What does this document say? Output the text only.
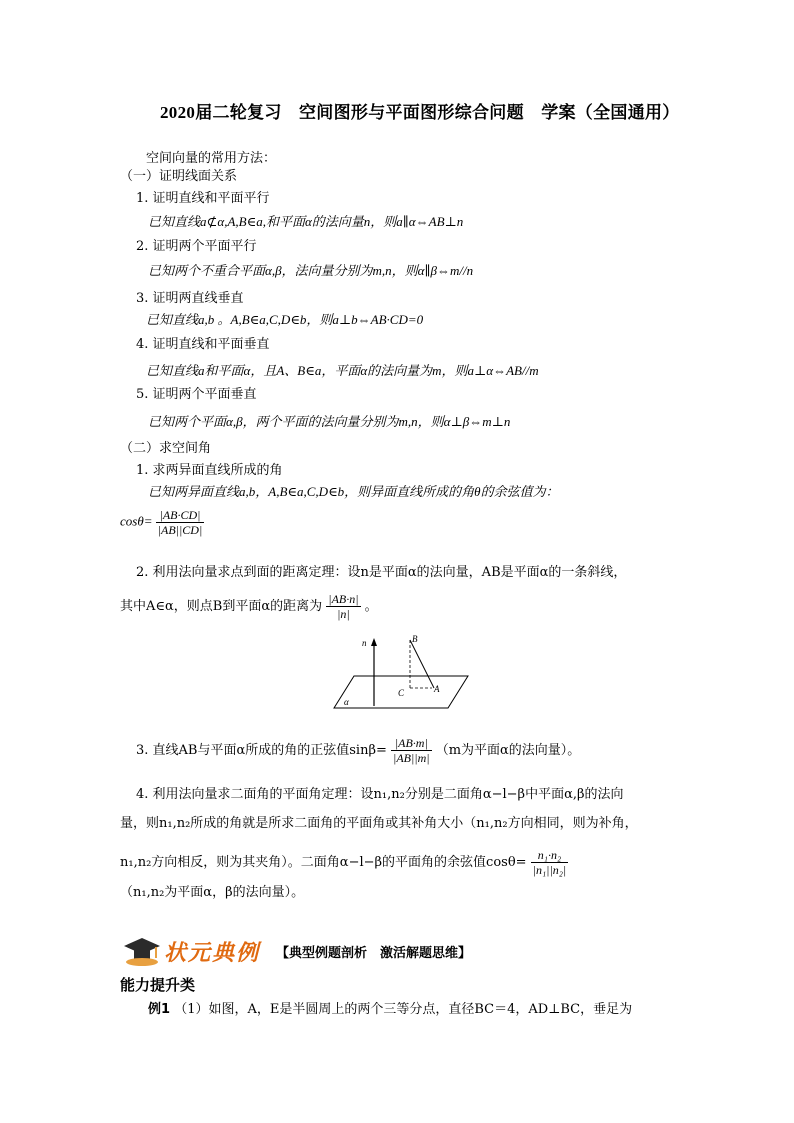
2020届二轮复习　空间图形与平面图形综合问题　学案（全国通用）
空间向量的常用方法：
（一）证明线面关系
1. 证明直线和平面平行
已知直线a⊄α,A,B∈a,和平面α的法向量n，则a∥α⇔AB⊥n
2. 证明两个平面平行
已知两个不重合平面α,β，法向量分别为m,n，则α∥β⇔m//n
3. 证明两直线垂直
已知直线a,b 。A,B∈a,C,D∈b，则a⊥b⇔AB·CD=0
4. 证明直线和平面垂直
已知直线a和平面α，且A、B∈a，平面α的法向量为m，则a⊥α⇔AB//m
5. 证明两个平面垂直
已知两个平面α,β，两个平面的法向量分别为m,n，则α⊥β⇔m⊥n
（二）求空间角
1. 求两异面直线所成的角
已知两异面直线a,b，A,B∈a,C,D∈b，则异面直线所成的角θ的余弦值为：
$\cos\theta= \frac{|AB\cdot CD|}{|AB||CD|}$
2. 利用法向量求点到面的距离定理：设n是平面α的法向量，AB是平面α的一条斜线，
其中A∈α，则点B到平面α的距离为 $\frac{|AB\cdot n|}{|n|}$ 。
n	B
C	A
α
3. 直线AB与平面α所成的角的正弦值$\sin\beta= \frac{|AB\cdot m|}{|AB||m|} (m$为平面α的法向量）。
4. 利用法向量求二面角的平面角定理：设n₁,n₂分别是二面角α−l−β中平面α,β的法向
量，则n₁,n₂所成的角就是所求二面角的平面角或其补角大小（n₁,n₂方向相同，则为补角，
n₁,n₂方向相反，则为其夹角）。二面角α−l−β的平面角的余弦值$\cos\theta= \frac{\text{n₁·n₂}}{\text{|n₁||n₂|}}$
（n₁,n₂为平面α，β的法向量）。
状元典例 【典型例题剖析　激活解题思维】
能力提升类
例1 （1）如图，A，E是半圆周上的两个三等分点，直径BC＝4，AD⊥BC，垂足为
